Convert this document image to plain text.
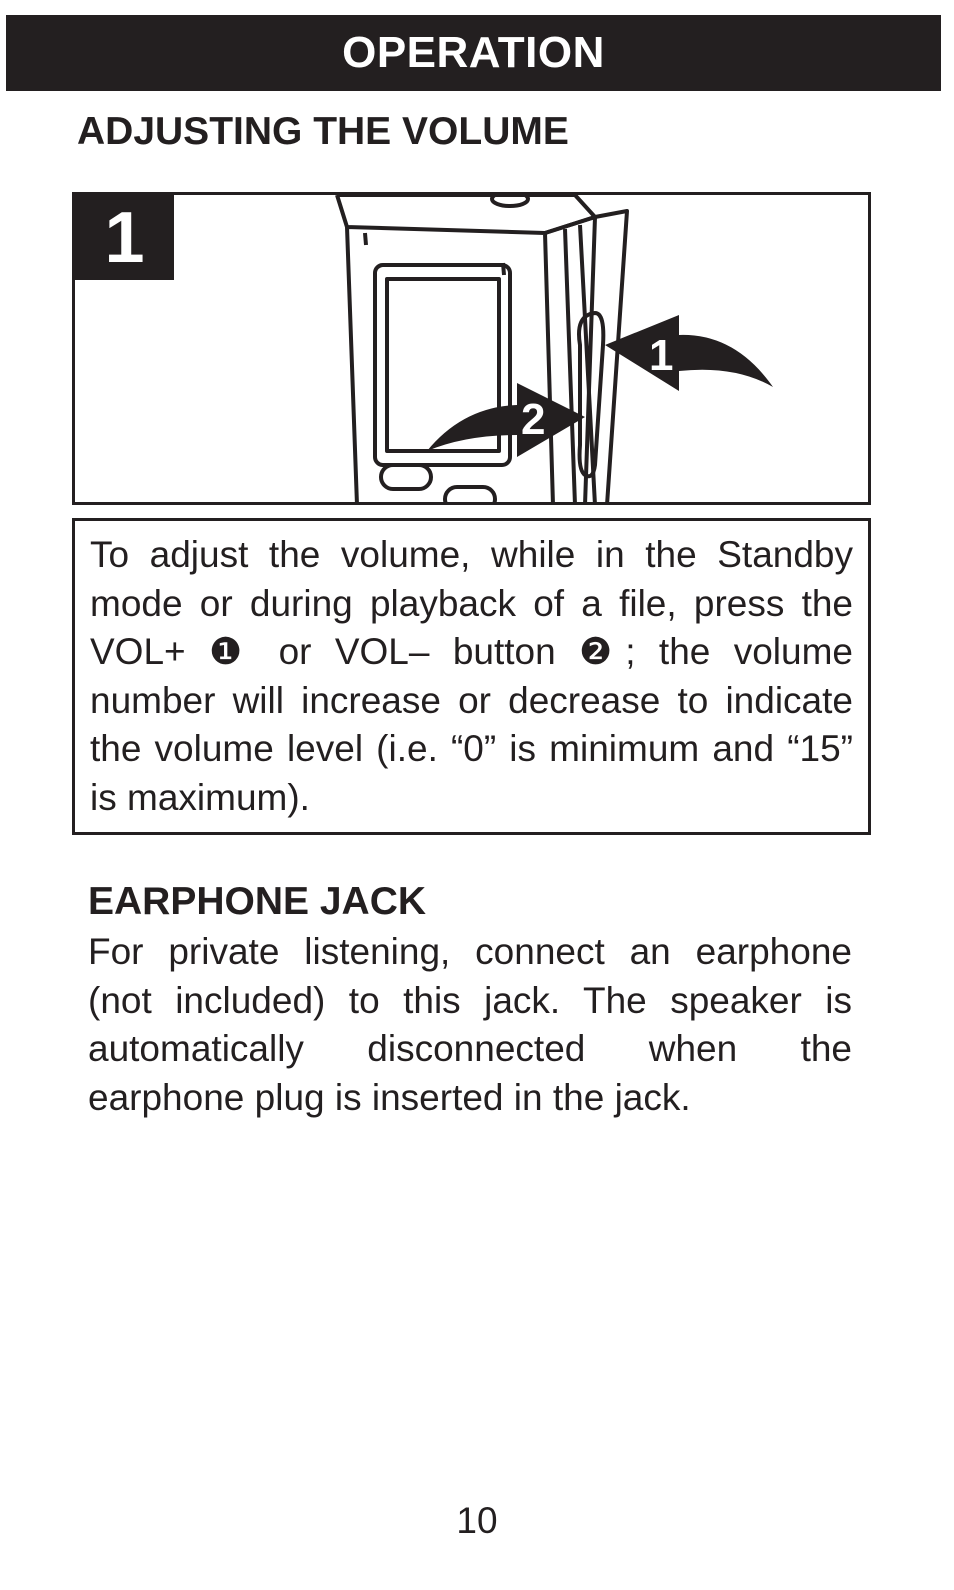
OPERATION
ADJUSTING THE VOLUME
1
1
2

To adjust the volume, while in the Standby mode or during playback of a file, press the VOL+ ❶ or VOL– button ❷; the volume number will increase or decrease to indicate the volume level (i.e. “0” is minimum and “15” is maximum).

EARPHONE JACK

For private listening, connect an earphone (not included) to this jack. The speaker is automatically disconnected when the earphone plug is inserted in the jack.

10
